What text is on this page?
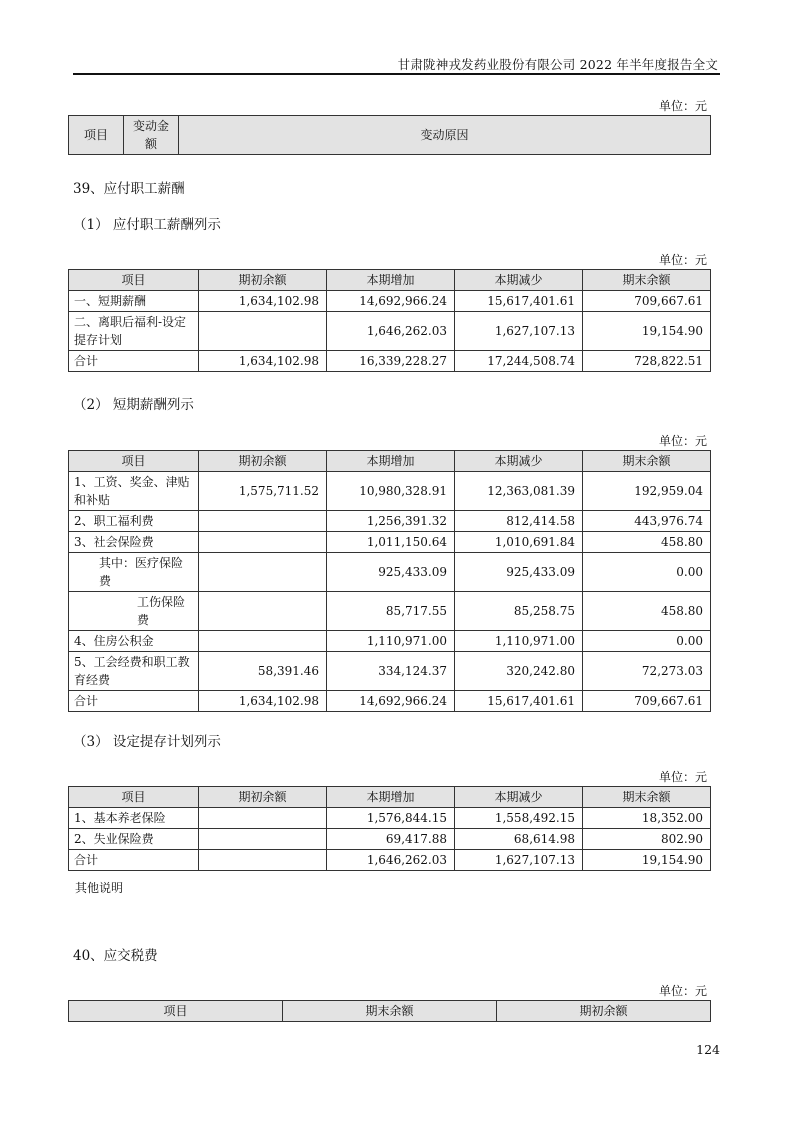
甘肃陇神戎发药业股份有限公司 2022 年半年度报告全文
单位：元
项目	变动金额	变动原因
39、应付职工薪酬
（1） 应付职工薪酬列示
单位：元
项目	期初余额	本期增加	本期减少	期末余额
一、短期薪酬	1,634,102.98	14,692,966.24	15,617,401.61	709,667.61
二、离职后福利-设定提存计划		1,646,262.03	1,627,107.13	19,154.90
合计	1,634,102.98	16,339,228.27	17,244,508.74	728,822.51
（2） 短期薪酬列示
单位：元
项目	期初余额	本期增加	本期减少	期末余额
1、工资、奖金、津贴和补贴	1,575,711.52	10,980,328.91	12,363,081.39	192,959.04
2、职工福利费		1,256,391.32	812,414.58	443,976.74
3、社会保险费		1,011,150.64	1,010,691.84	458.80
其中：医疗保险费		925,433.09	925,433.09	0.00
工伤保险费		85,717.55	85,258.75	458.80
4、住房公积金		1,110,971.00	1,110,971.00	0.00
5、工会经费和职工教育经费	58,391.46	334,124.37	320,242.80	72,273.03
合计	1,634,102.98	14,692,966.24	15,617,401.61	709,667.61
（3） 设定提存计划列示
单位：元
项目	期初余额	本期增加	本期减少	期末余额
1、基本养老保险		1,576,844.15	1,558,492.15	18,352.00
2、失业保险费		69,417.88	68,614.98	802.90
合计		1,646,262.03	1,627,107.13	19,154.90
其他说明
40、应交税费
单位：元
项目	期末余额	期初余额
124
